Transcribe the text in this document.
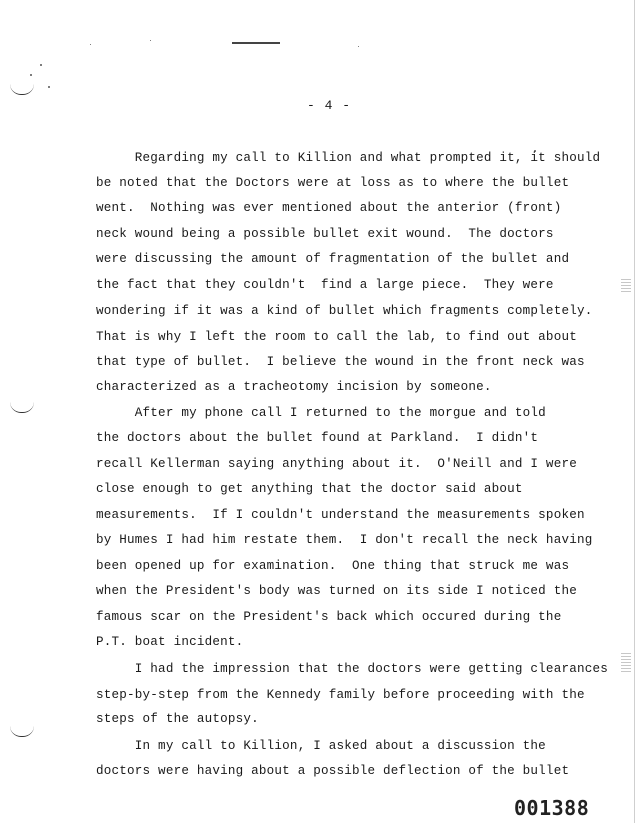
- 4 -
Regarding my call to Killion and what prompted it, it should
be noted that the Doctors were at loss as to where the bullet
went.  Nothing was ever mentioned about the anterior (front)
neck wound being a possible bullet exit wound.  The doctors
were discussing the amount of fragmentation of the bullet and
the fact that they couldn't  find a large piece.  They were
wondering if it was a kind of bullet which fragments completely.
That is why I left the room to call the lab, to find out about
that type of bullet.  I believe the wound in the front neck was
characterized as a tracheotomy incision by someone.
After my phone call I returned to the morgue and told
the doctors about the bullet found at Parkland.  I didn't
recall Kellerman saying anything about it.  O'Neill and I were
close enough to get anything that the doctor said about
measurements.  If I couldn't understand the measurements spoken
by Humes I had him restate them.  I don't recall the neck having
been opened up for examination.  One thing that struck me was
when the President's body was turned on its side I noticed the
famous scar on the President's back which occured during the
P.T. boat incident.
I had the impression that the doctors were getting clearances
step-by-step from the Kennedy family before proceeding with the
steps of the autopsy.
In my call to Killion, I asked about a discussion the
doctors were having about a possible deflection of the bullet
001388
